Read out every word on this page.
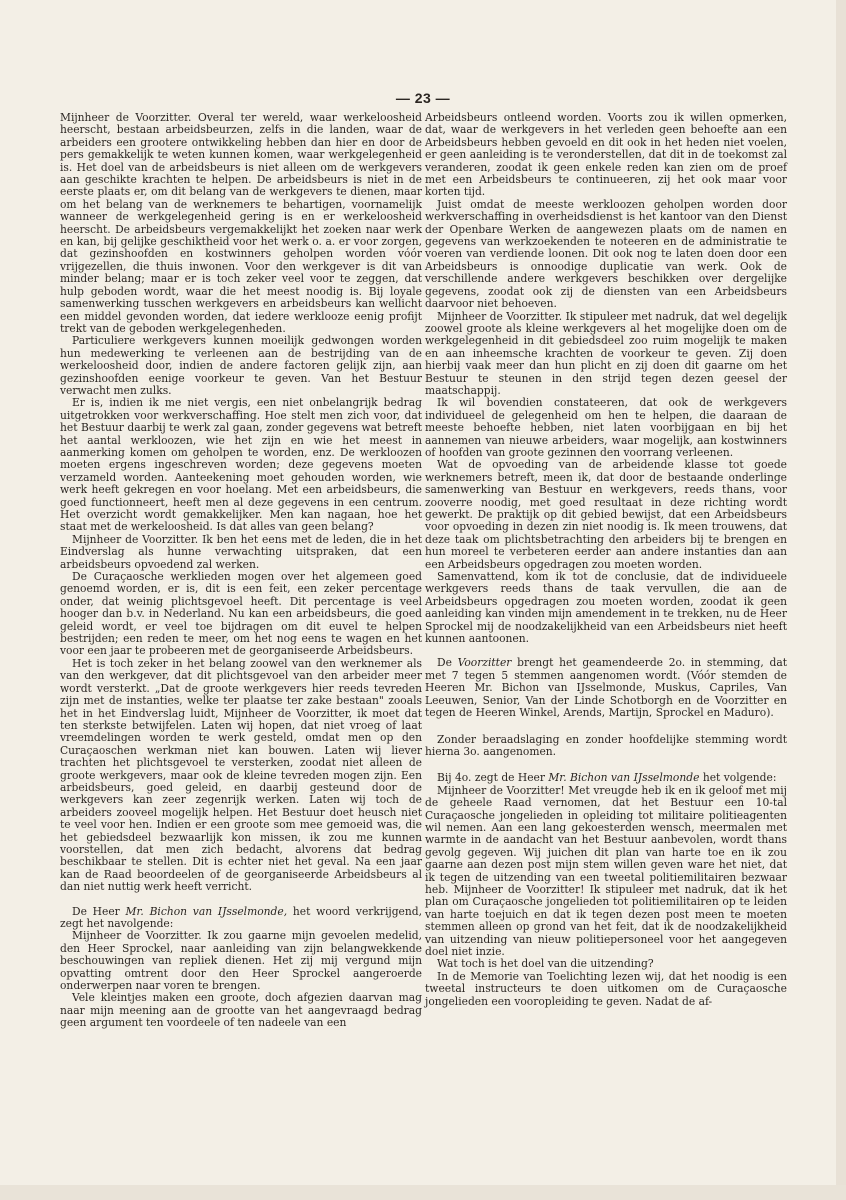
— 23 —

Mijnheer de Voorzitter. Overal ter wereld, waar werkeloosheid heerscht, bestaan arbeidsbeurzen, zelfs in die landen, waar de arbeiders een grootere ontwikkeling hebben dan hier en door de pers gemakkelijk te weten kunnen komen, waar werkgelegenheid is. Het doel van de arbeidsbeurs is niet alleen om de werkgevers aan geschikte krachten te helpen. De arbeidsbeurs is niet in de eerste plaats er, om dit belang van de werkgevers te dienen, maar om het belang van de werknemers te behartigen, voornamelijk wanneer de werkgelegenheid gering is en er werkeloosheid heerscht. De arbeidsbeurs vergemakkelijkt het zoeken naar werk en kan, bij gelijke geschiktheid voor het werk o. a. er voor zorgen, dat gezinshoofden en kostwinners geholpen worden vóór vrijgezellen, die thuis inwonen. Voor den werkgever is dit van minder belang; maar er is toch zeker veel voor te zeggen, dat hulp geboden wordt, waar die het meest noodig is. Bij loyale samenwerking tusschen werkgevers en arbeidsbeurs kan wellicht een middel gevonden worden, dat iedere werklooze eenig profijt trekt van de geboden werkgelegenheden.

Particuliere werkgevers kunnen moeilijk gedwongen worden hun medewerking te verleenen aan de bestrijding van de werkeloosheid door, indien de andere factoren gelijk zijn, aan gezinshoofden eenige voorkeur te geven. Van het Bestuur verwacht men zulks.

Er is, indien ik me niet vergis, een niet onbelangrijk bedrag uitgetrokken voor werkverschaffing. Hoe stelt men zich voor, dat het Bestuur daarbij te werk zal gaan, zonder gegevens wat betreft het aantal werkloozen, wie het zijn en wie het meest in aanmerking komen om geholpen te worden, enz. De werkloozen moeten ergens ingeschreven worden; deze gegevens moeten verzameld worden. Aanteekening moet gehouden worden, wie werk heeft gekregen en voor hoelang. Met een arbeidsbeurs, die goed functionneert, heeft men al deze gegevens in een centrum. Het overzicht wordt gemakkelijker. Men kan nagaan, hoe het staat met de werkeloosheid. Is dat alles van geen belang?

Mijnheer de Voorzitter. Ik ben het eens met de leden, die in het Eindverslag als hunne verwachting uitspraken, dat een arbeidsbeurs opvoedend zal werken.

De Curaçaosche werklieden mogen over het algemeen goed genoemd worden, er is, dit is een feit, een zeker percentage onder, dat weinig plichtsgevoel heeft. Dit percentage is veel hooger dan b.v. in Nederland. Nu kan een arbeidsbeurs, die goed geleid wordt, er veel toe bijdragen om dit euvel te helpen bestrijden; een reden te meer, om het nog eens te wagen en het voor een jaar te probeeren met de georganiseerde Arbeidsbeurs.

Het is toch zeker in het belang zoowel van den werknemer als van den werkgever, dat dit plichtsgevoel van den arbeider meer wordt versterkt. „Dat de groote werkgevers hier reeds tevreden zijn met de instanties, welke ter plaatse ter zake bestaan" zooals het in het Eindverslag luidt, Mijnheer de Voorzitter, ik moet dat ten sterkste betwijfelen. Laten wij hopen, dat niet vroeg of laat vreemdelingen worden te werk gesteld, omdat men op den Curaçaoschen werkman niet kan bouwen. Laten wij liever trachten het plichtsgevoel te versterken, zoodat niet alleen de groote werkgevers, maar ook de kleine tevreden mogen zijn. Een arbeidsbeurs, goed geleid, en daarbij gesteund door de werkgevers kan zeer zegenrijk werken. Laten wij toch de arbeiders zooveel mogelijk helpen. Het Bestuur doet heusch niet te veel voor hen. Indien er een groote som mee gemoeid was, die het gebiedsdeel bezwaarlijk kon missen, ik zou me kunnen voorstellen, dat men zich bedacht, alvorens dat bedrag beschikbaar te stellen. Dit is echter niet het geval. Na een jaar kan de Raad beoordeelen of de georganiseerde Arbeidsbeurs al dan niet nuttig werk heeft verricht.

De Heer Mr. Bichon van IJsselmonde, het woord verkrijgend, zegt het navolgende:

Mijnheer de Voorzitter. Ik zou gaarne mijn gevoelen medelid, den Heer Sprockel, naar aanleiding van zijn belangwekkende beschouwingen van repliek dienen. Het zij mij vergund mijn opvatting omtrent door den Heer Sprockel aangeroerde onderwerpen naar voren te brengen.

Vele kleintjes maken een groote, doch afgezien daarvan mag naar mijn meening aan de grootte van het aangevraagd bedrag geen argument ten voordeele of ten nadeele van een

Arbeidsbeurs ontleend worden. Voorts zou ik willen opmerken, dat, waar de werkgevers in het verleden geen behoefte aan een Arbeidsbeurs hebben gevoeld en dit ook in het heden niet voelen, er geen aanleiding is te veronderstellen, dat dit in de toekomst zal veranderen, zoodat ik geen enkele reden kan zien om de proef met een Arbeidsbeurs te continueeren, zij het ook maar voor korten tijd.

Juist omdat de meeste werkloozen geholpen worden door werkverschaffing in overheidsdienst is het kantoor van den Dienst der Openbare Werken de aangewezen plaats om de namen en gegevens van werkzoekenden te noteeren en de administratie te voeren van verdiende loonen. Dit ook nog te laten doen door een Arbeidsbeurs is onnoodige duplicatie van werk. Ook de verschillende andere werkgevers beschikken over dergelijke gegevens, zoodat ook zij de diensten van een Arbeidsbeurs daarvoor niet behoeven.

Mijnheer de Voorzitter. Ik stipuleer met nadruk, dat wel degelijk zoowel groote als kleine werkgevers al het mogelijke doen om de werkgelegenheid in dit gebiedsdeel zoo ruim mogelijk te maken en aan inheemsche krachten de voorkeur te geven. Zij doen hierbij vaak meer dan hun plicht en zij doen dit gaarne om het Bestuur te steunen in den strijd tegen dezen geesel der maatschappij.

Ik wil bovendien constateeren, dat ook de werkgevers individueel de gelegenheid om hen te helpen, die daaraan de meeste behoefte hebben, niet laten voorbijgaan en bij het aannemen van nieuwe arbeiders, waar mogelijk, aan kostwinners of hoofden van groote gezinnen den voorrang verleenen.

Wat de opvoeding van de arbeidende klasse tot goede werknemers betreft, meen ik, dat door de bestaande onderlinge samenwerking van Bestuur en werkgevers, reeds thans, voor zooverre noodig, met goed resultaat in deze richting wordt gewerkt. De praktijk op dit gebied bewijst, dat een Arbeidsbeurs voor opvoeding in dezen zin niet noodig is. Ik meen trouwens, dat deze taak om plichtsbetrachting den arbeiders bij te brengen en hun moreel te verbeteren eerder aan andere instanties dan aan een Arbeidsbeurs opgedragen zou moeten worden.

Samenvattend, kom ik tot de conclusie, dat de individueele werkgevers reeds thans de taak vervullen, die aan de Arbeidsbeurs opgedragen zou moeten worden, zoodat ik geen aanleiding kan vinden mijn amendement in te trekken, nu de Heer Sprockel mij de noodzakelijkheid van een Arbeidsbeurs niet heeft kunnen aantoonen.

De Voorzitter brengt het geamendeerde 2o. in stemming, dat met 7 tegen 5 stemmen aangenomen wordt. (Vóór stemden de Heeren Mr. Bichon van IJsselmonde, Muskus, Capriles, Van Leeuwen, Senior, Van der Linde Schotborgh en de Voorzitter en tegen de Heeren Winkel, Arends, Martijn, Sprockel en Maduro).

Zonder beraadslaging en zonder hoofdelijke stemming wordt hierna 3o. aangenomen.

Bij 4o. zegt de Heer Mr. Bichon van IJsselmonde het volgende:

Mijnheer de Voorzitter! Met vreugde heb ik en ik geloof met mij de geheele Raad vernomen, dat het Bestuur een 10-tal Curaçaosche jongelieden in opleiding tot militaire politieagenten wil nemen. Aan een lang gekoesterden wensch, meermalen met warmte in de aandacht van het Bestuur aanbevolen, wordt thans gevolg gegeven. Wij juichen dit plan van harte toe en ik zou gaarne aan dezen post mijn stem willen geven ware het niet, dat ik tegen de uitzending van een tweetal politiemilitairen bezwaar heb. Mijnheer de Voorzitter! Ik stipuleer met nadruk, dat ik het plan om Curaçaosche jongelieden tot politiemilitairen op te leiden van harte toejuich en dat ik tegen dezen post meen te moeten stemmen alleen op grond van het feit, dat ik de noodzakelijkheid van uitzending van nieuw politiepersoneel voor het aangegeven doel niet inzie.

Wat toch is het doel van die uitzending?

In de Memorie van Toelichting lezen wij, dat het noodig is een tweetal instructeurs te doen uitkomen om de Curaçaosche jongelieden een vooropleiding te geven. Nadat de af-
